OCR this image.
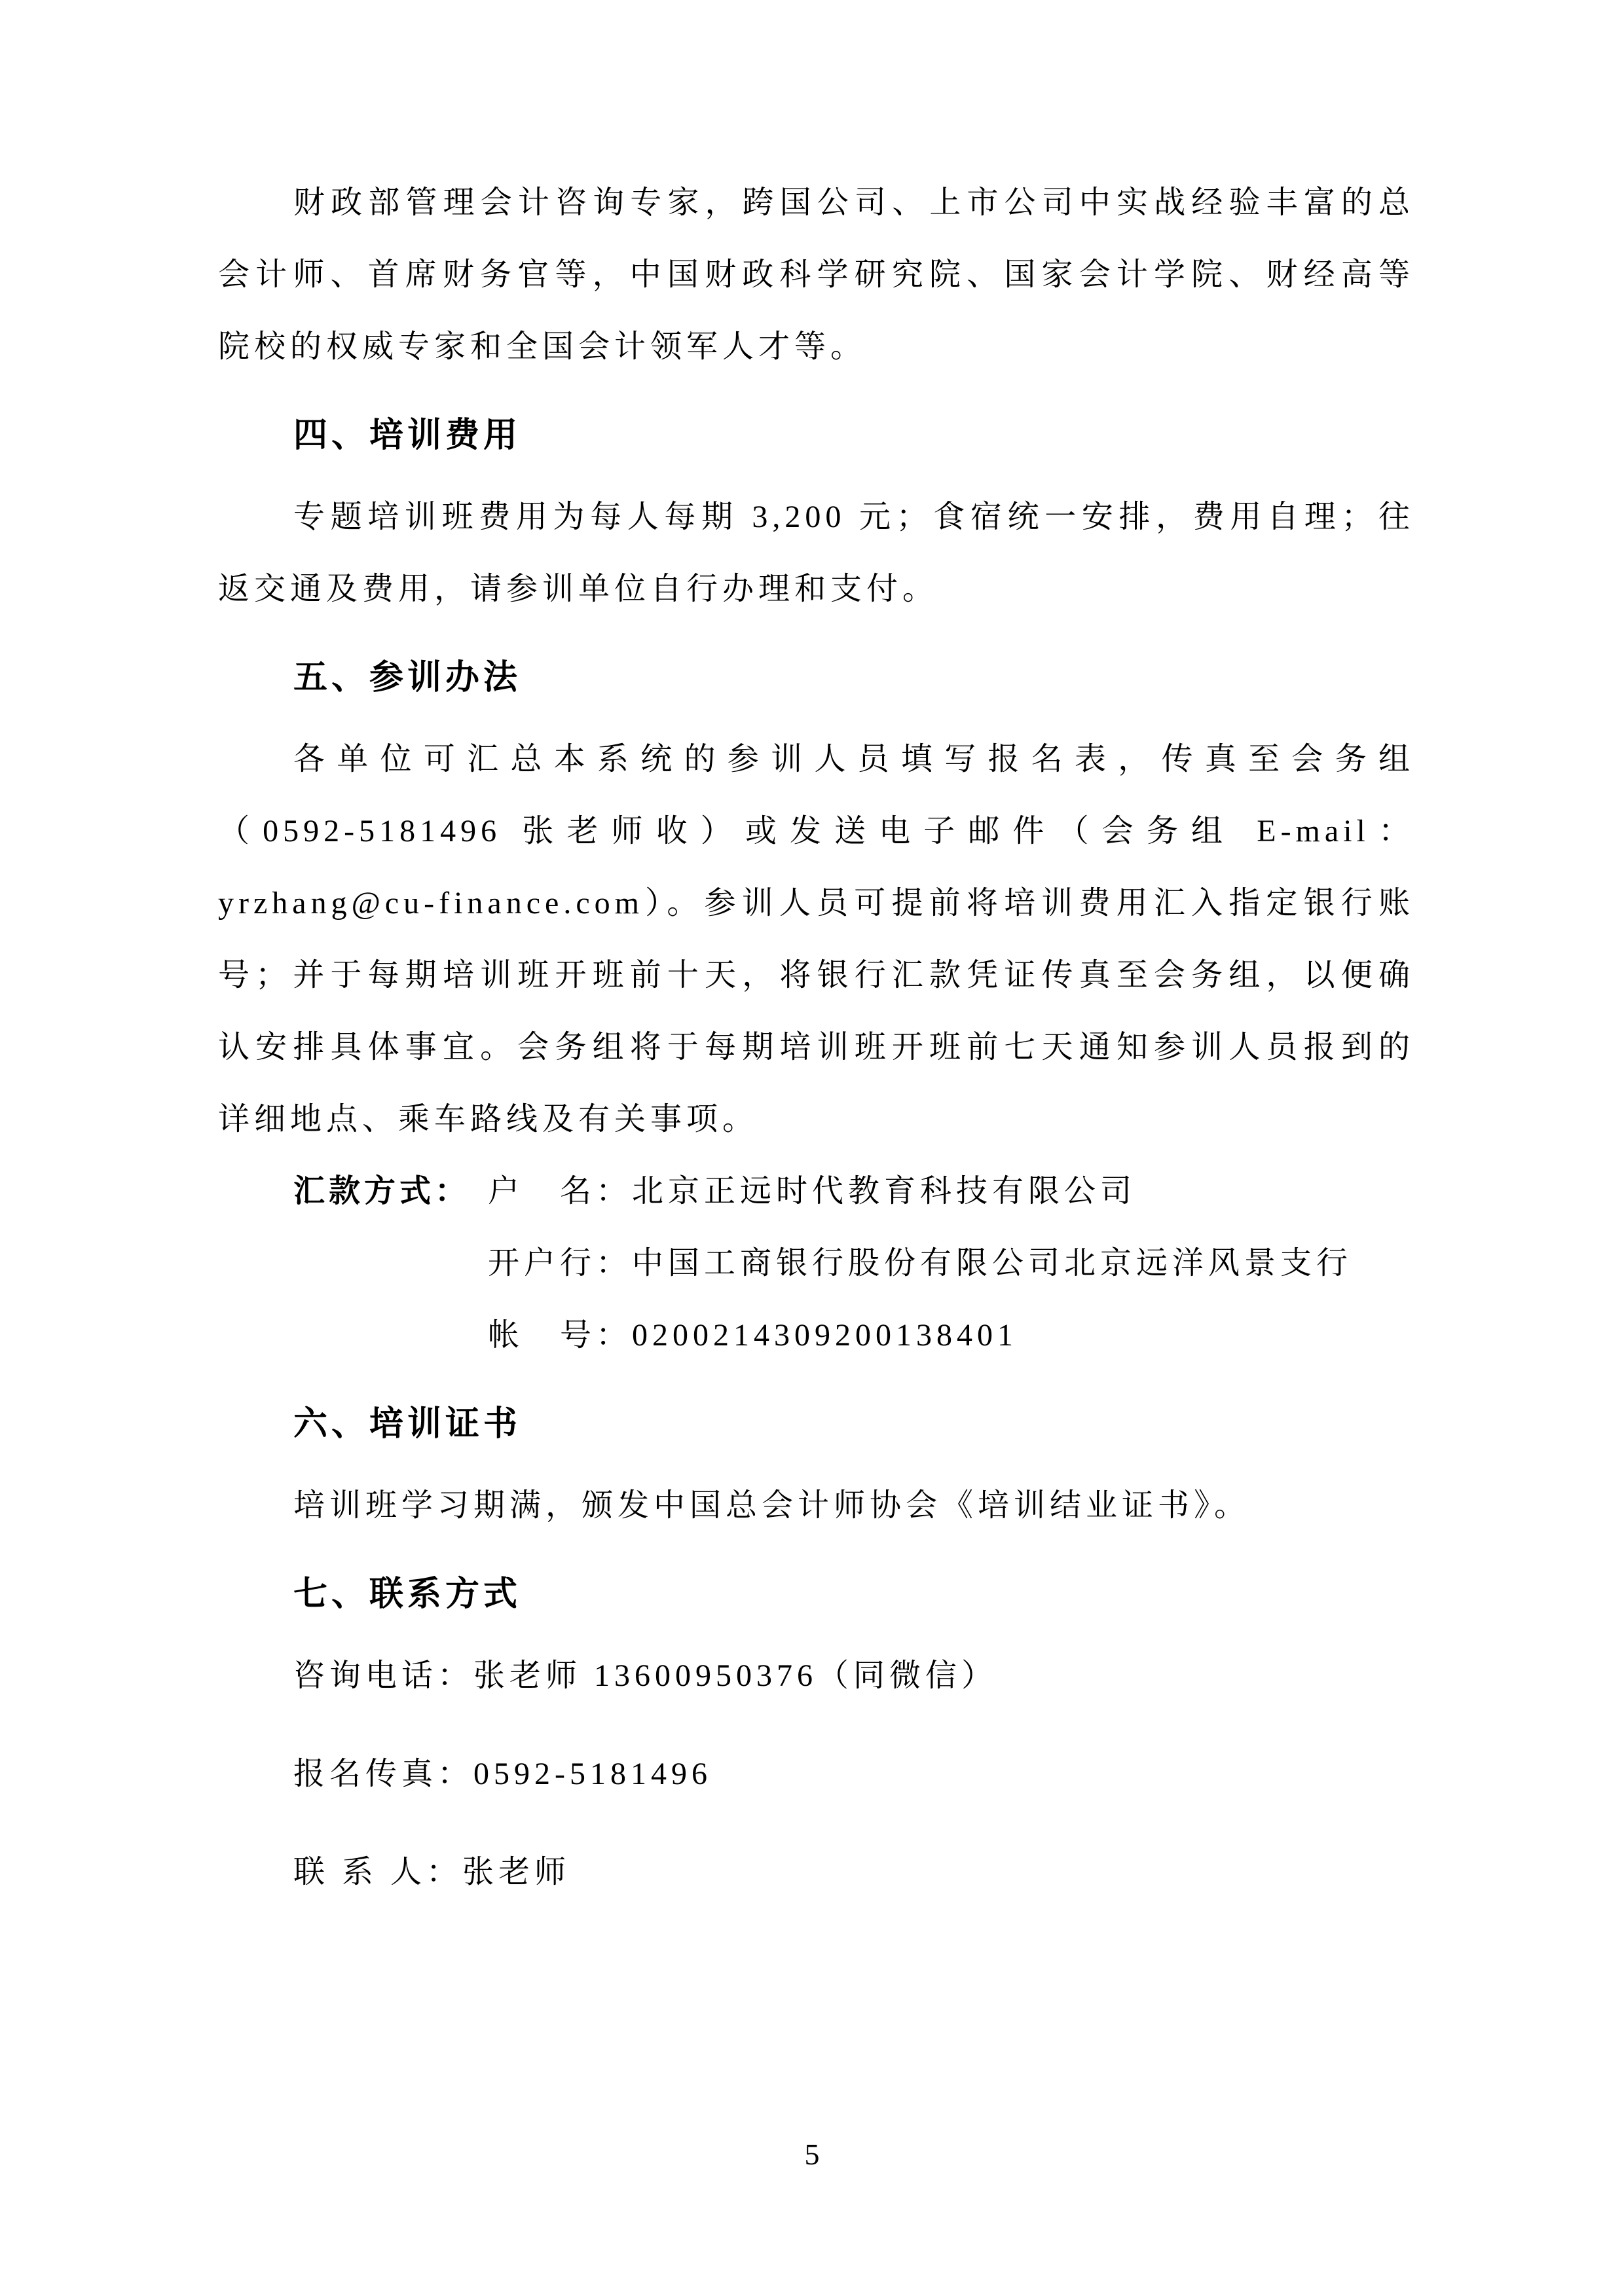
财政部管理会计咨询专家，跨国公司、上市公司中实战经验丰富的总
会计师、首席财务官等，中国财政科学研究院、国家会计学院、财经高等
院校的权威专家和全国会计领军人才等。
四、培训费用
专题培训班费用为每人每期 3,200 元；食宿统一安排，费用自理；往
返交通及费用，请参训单位自行办理和支付。
五、参训办法
各单位可汇总本系统的参训人员填写报名表，传真至会务组
（0592-5181496 张老师收）或发送电子邮件（会务组 E-mail：
yrzhang@cu-finance.com）。参训人员可提前将培训费用汇入指定银行账
号；并于每期培训班开班前十天，将银行汇款凭证传真至会务组，以便确
认安排具体事宜。会务组将于每期培训班开班前七天通知参训人员报到的
详细地点、乘车路线及有关事项。
汇款方式： 户　名：北京正远时代教育科技有限公司
开户行：中国工商银行股份有限公司北京远洋风景支行
帐　号：0200214309200138401
六、培训证书
培训班学习期满，颁发中国总会计师协会《培训结业证书》。
七、联系方式
咨询电话：张老师 13600950376（同微信）
报名传真：0592-5181496
联 系 人：张老师
5
